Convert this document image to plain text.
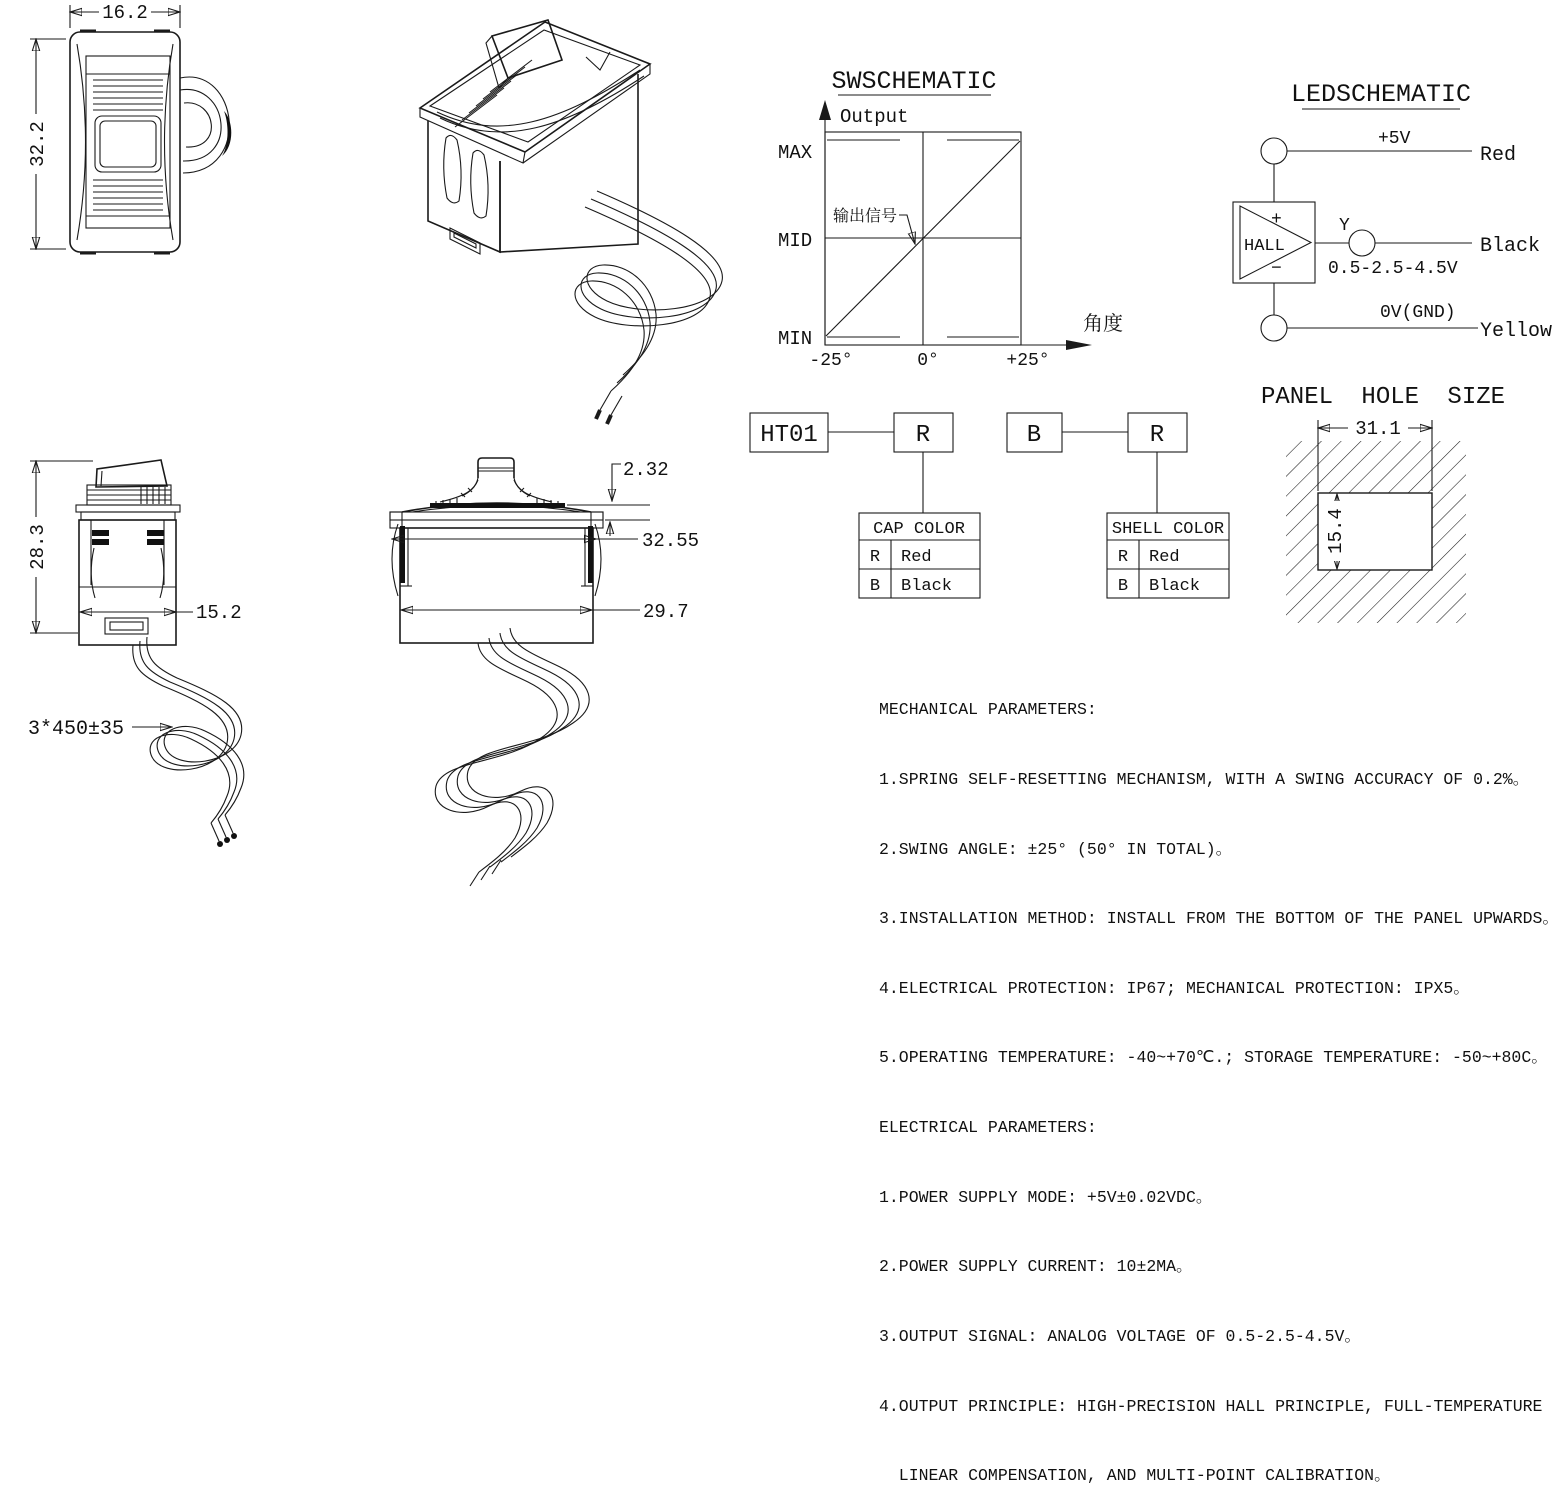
16.2
32.2
28.3
15.2
3*450±35
2.32
32.55
29.7
SWSCHEMATIC
Output
MAX
MID
MIN
-25°	0°	+25°
角度
输出信号
LEDSCHEMATIC
HALL
+
−
+5V
Red
Y
Black
0.5-2.5-4.5V
0V(GND)
Yellow
HT01	R	B	R
CAP COLOR
R Red
B Black
SHELL COLOR
R Red
B Black
PANEL HOLE SIZE
31.1
15.4

MECHANICAL PARAMETERS:

1.SPRING SELF-RESETTING MECHANISM, WITH A SWING ACCURACY OF 0.2%。

2.SWING ANGLE: ±25° (50° IN TOTAL)。

3.INSTALLATION METHOD: INSTALL FROM THE BOTTOM OF THE PANEL UPWARDS。

4.ELECTRICAL PROTECTION: IP67; MECHANICAL PROTECTION: IPX5。

5.OPERATING TEMPERATURE: -40~+70℃.; STORAGE TEMPERATURE: -50~+80C。

ELECTRICAL PARAMETERS:

1.POWER SUPPLY MODE: +5V±0.02VDC。

2.POWER SUPPLY CURRENT: 10±2MA。

3.OUTPUT SIGNAL: ANALOG VOLTAGE OF 0.5-2.5-4.5V。

4.OUTPUT PRINCIPLE: HIGH-PRECISION HALL PRINCIPLE, FULL-TEMPERATURE

LINEAR COMPENSATION, AND MULTI-POINT CALIBRATION。
